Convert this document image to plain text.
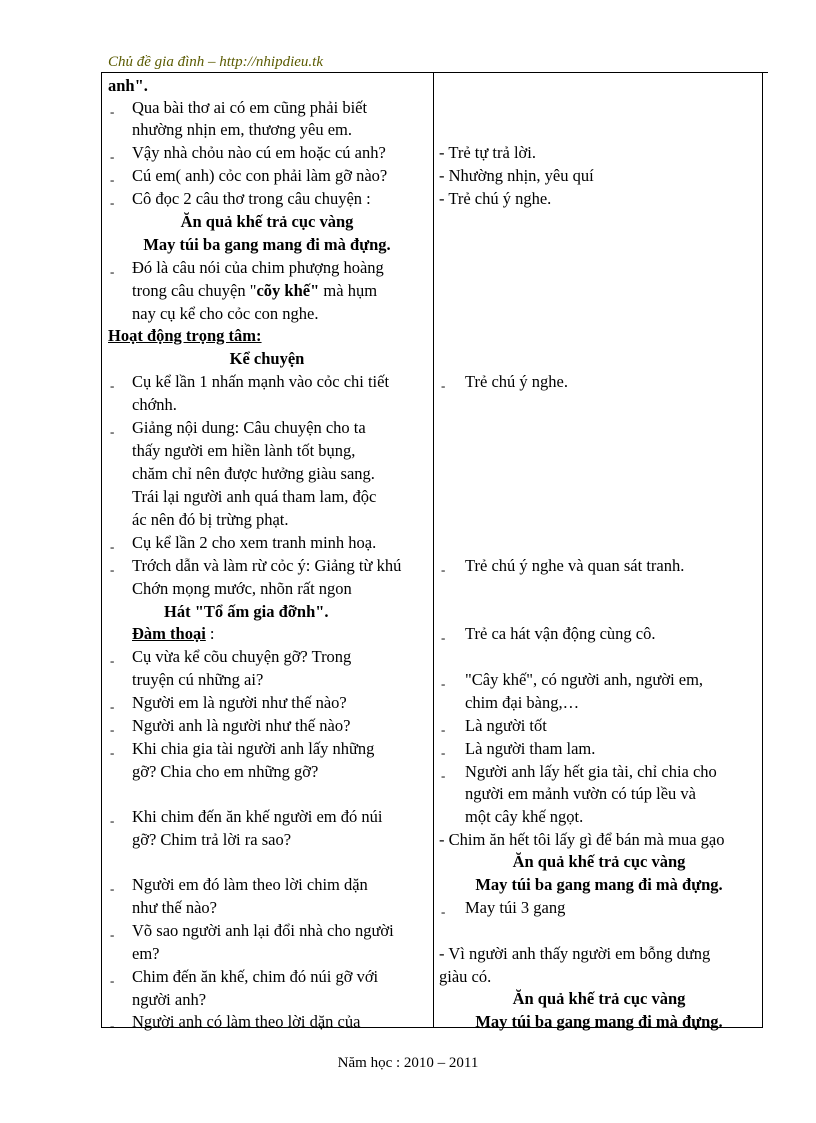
Chủ đề gia đình – http://nhipdieu.tk
anh".
- Qua bài thơ ai có em cũng phải biết
nhường nhịn em, thương yêu em.
- Vậy nhà chỏu nào cú em hoặc cú anh?
- Cú em( anh) cỏc con phải làm gỡ nào?
- Cô đọc 2 câu thơ trong câu chuyện :
Ăn quả khế trả cục vàng
May túi ba gang mang đi mà đựng.
- Đó là câu nói của chim phượng hoàng
trong câu chuyện "cõy khế" mà hụm
nay cụ kể cho cỏc con nghe.
Hoạt động trọng tâm:
Kể chuyện
- Cụ kể lần 1 nhấn mạnh vào cỏc chi tiết
chớnh.
- Giảng nội dung: Câu chuyện cho ta
thấy người em hiền lành tốt bụng,
chăm chỉ nên được hưởng giàu sang.
Trái lại người anh quá tham lam, độc
ác nên đó bị trừng phạt.
- Cụ kể lần 2 cho xem tranh minh hoạ.
- Trớch dẫn và làm rừ cỏc ý: Giảng từ khú
Chớn mọng mước, nhõn rất ngon
Hát "Tổ ấm gia đỡnh".
Đàm thoại :
- Cụ vừa kể cõu chuyện gỡ? Trong
truyện cú những ai?
- Người em là người như thế nào?
- Người anh là người như thế nào?
- Khi chia gia tài người anh lấy những
gỡ? Chia cho em những gỡ?
- Khi chim đến ăn khế người em đó núi
gỡ? Chim trả lời ra sao?
- Người em đó làm theo lời chim dặn
như thế nào?
- Võ sao người anh lại đổi nhà cho người
em?
- Chim đến ăn khế, chim đó núi gỡ với
người anh?
- Người anh có làm theo lời dặn của
- Trẻ tự trả lời.
- Nhường nhịn, yêu quí
- Trẻ chú ý nghe.
- Trẻ chú ý nghe.
- Trẻ chú ý nghe và quan sát tranh.
- Trẻ ca hát vận động cùng cô.
- "Cây khế", có người anh, người em,
chim đại bàng,…
- Là người tốt
- Là người tham lam.
- Người anh lấy hết gia tài, chỉ chia cho
người em mảnh vườn có túp lều và
một cây khế ngọt.
- Chim ăn hết tôi lấy gì để bán mà mua gạo
Ăn quả khế trả cục vàng
May túi ba gang mang đi mà đựng.
- May túi 3 gang
- Vì người anh thấy người em bỗng dưng
giàu có.
Ăn quả khế trả cục vàng
May túi ba gang mang đi mà đựng.
Năm học : 2010 – 2011
